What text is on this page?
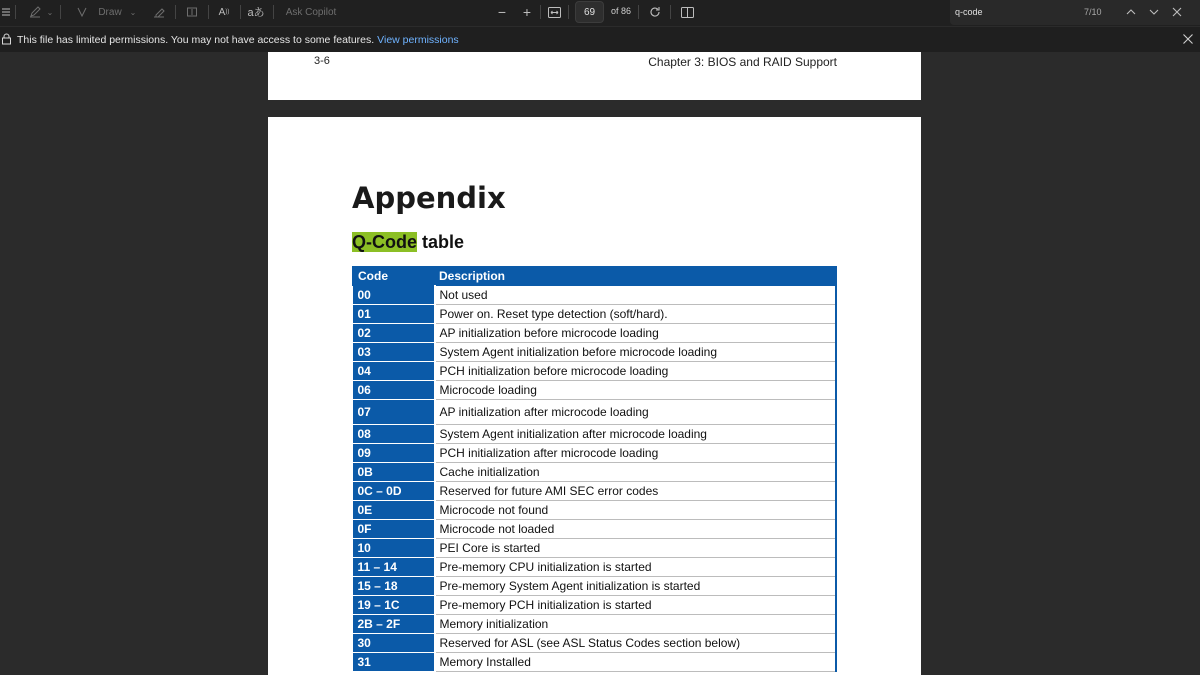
⌄	Draw ⌄	A )) aあ Ask Copilot	− +	69	of 86	q-code	7/10
This file has limited permissions. You may not have access to some features. View permissions
3-6	Chapter 3: BIOS and RAID Support
Appendix
Q-Code table
Code	Description
00	Not used
01	Power on. Reset type detection (soft/hard).
02	AP initialization before microcode loading
03	System Agent initialization before microcode loading
04	PCH initialization before microcode loading
06	Microcode loading
07	AP initialization after microcode loading
08	System Agent initialization after microcode loading
09	PCH initialization after microcode loading
0B	Cache initialization
0C – 0D	Reserved for future AMI SEC error codes
0E	Microcode not found
0F	Microcode not loaded
10	PEI Core is started
11 – 14	Pre-memory CPU initialization is started
15 – 18	Pre-memory System Agent initialization is started
19 – 1C	Pre-memory PCH initialization is started
2B – 2F	Memory initialization
30	Reserved for ASL (see ASL Status Codes section below)
31	Memory Installed
